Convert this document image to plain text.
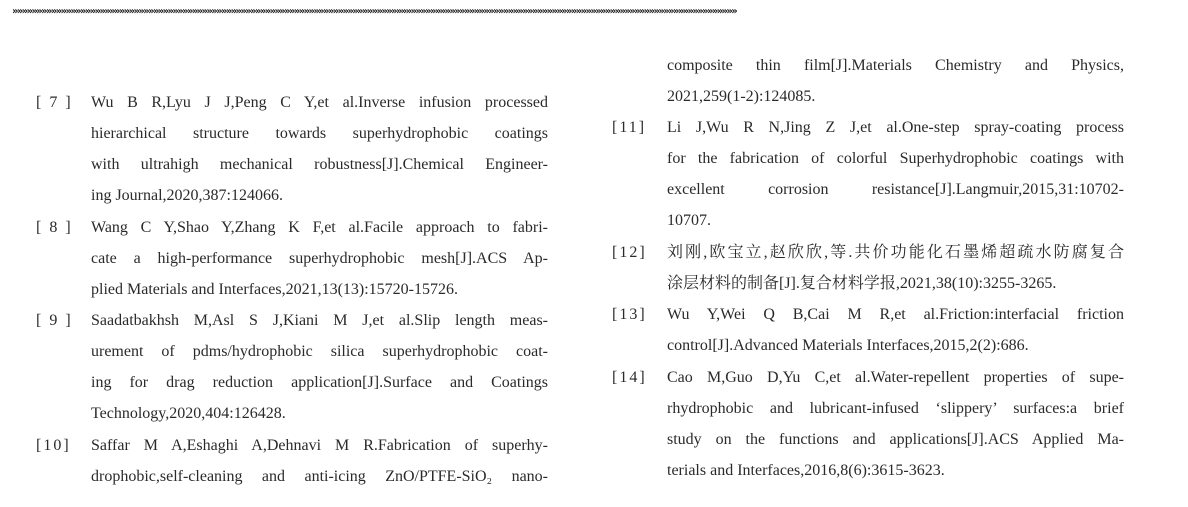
»»»»»»»»»»»»»»»»»»»»»»»»»»»»»»»»»»»»»»»»»»»»»»»»»»»»»»»»»»»»»»»»»»»»»»»»»»»»»»»»»»»»»»»»»»»»»»»»»»»»»»»»»»»»»»»»»»»»»»»»»»»»»»»»»»»»»»»»»»»»»»»»»»»»»
[ 7 ]	Wu B R,Lyu J J,Peng C Y,et al.Inverse infusion processed
hierarchical structure towards superhydrophobic coatings
with ultrahigh mechanical robustness[J].Chemical Engineer-
ing Journal,2020,387:124066.
[ 8 ]	Wang C Y,Shao Y,Zhang K F,et al.Facile approach to fabri-
cate a high-performance superhydrophobic mesh[J].ACS Ap-
plied Materials and Interfaces,2021,13(13):15720-15726.
[ 9 ]	Saadatbakhsh M,Asl S J,Kiani M J,et al.Slip length meas-
urement of pdms/hydrophobic silica superhydrophobic coat-
ing for drag reduction application[J].Surface and Coatings
Technology,2020,404:126428.
[10]	Saffar M A,Eshaghi A,Dehnavi M R.Fabrication of superhy-
drophobic,self-cleaning and anti-icing ZnO/PTFE-SiO₂ nano-
composite thin film[J].Materials Chemistry and Physics,
2021,259(1-2):124085.
[11]	Li J,Wu R N,Jing Z J,et al.One-step spray-coating process
for the fabrication of colorful Superhydrophobic coatings with
excellent corrosion resistance[J].Langmuir,2015,31:10702-
10707.
[12]	刘刚,欧宝立,赵欣欣,等.共价功能化石墨烯超疏水防腐复合
涂层材料的制备[J].复合材料学报,2021,38(10):3255-3265.
[13]	Wu Y,Wei Q B,Cai M R,et al.Friction:interfacial friction
control[J].Advanced Materials Interfaces,2015,2(2):686.
[14]	Cao M,Guo D,Yu C,et al.Water-repellent properties of supe-
rhydrophobic and lubricant-infused ‘slippery’ surfaces:a brief
study on the functions and applications[J].ACS Applied Ma-
terials and Interfaces,2016,8(6):3615-3623.
